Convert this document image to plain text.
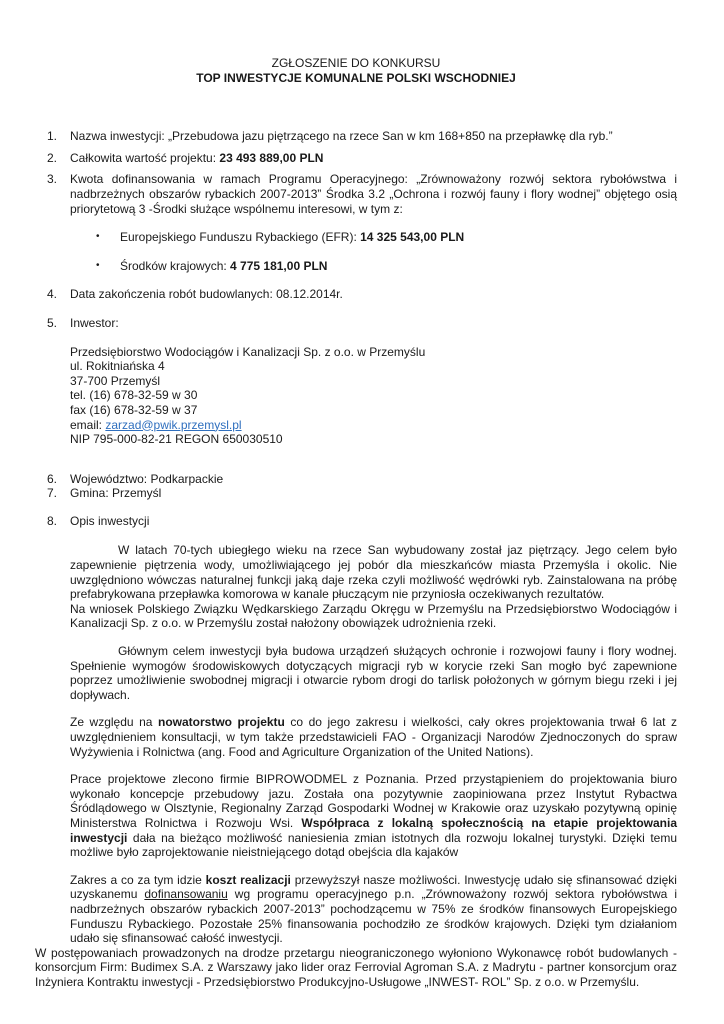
ZGŁOSZENIE DO KONKURSU
TOP INWESTYCJE KOMUNALNE POLSKI WSCHODNIEJ
1.	Nazwa inwestycji: „Przebudowa jazu piętrzącego na rzece San w km 168+850 na przepławkę dla ryb.”
2.	Całkowita wartość projektu: 23 493 889,00 PLN
3.	Kwota dofinansowania w ramach Programu Operacyjnego: „Zrównoważony rozwój sektora rybołówstwa i nadbrzeżnych obszarów rybackich 2007-2013” Środka 3.2 „Ochrona i rozwój fauny i flory wodnej” objętego osią priorytetową 3 -Środki służące wspólnemu interesowi, w tym z:
•	Europejskiego Funduszu Rybackiego (EFR): 14 325 543,00 PLN
•	Środków krajowych: 4 775 181,00 PLN
4.	Data zakończenia robót budowlanych: 08.12.2014r.
5.	Inwestor:
Przedsiębiorstwo Wodociągów i Kanalizacji Sp. z o.o. w Przemyślu
ul. Rokitniańska 4
37-700 Przemyśl
tel. (16) 678-32-59 w 30
fax (16) 678-32-59 w 37
email: zarzad@pwik.przemysl.pl
NIP 795-000-82-21 REGON 650030510
6.	Województwo: Podkarpackie
7.	Gmina: Przemyśl
8.	Opis inwestycji

W latach 70-tych ubiegłego wieku na rzece San wybudowany został jaz piętrzący. Jego celem było zapewnienie piętrzenia wody, umożliwiającego jej pobór dla mieszkańców miasta Przemyśla i okolic. Nie uwzględniono wówczas naturalnej funkcji jaką daje rzeka czyli możliwość wędrówki ryb. Zainstalowana na próbę prefabrykowana przepławka komorowa w kanale płuczącym nie przyniosła oczekiwanych rezultatów.

Na wniosek Polskiego Związku Wędkarskiego Zarządu Okręgu w Przemyślu na Przedsiębiorstwo Wodociągów i Kanalizacji Sp. z o.o. w Przemyślu został nałożony obowiązek udrożnienia rzeki.

Głównym celem inwestycji była budowa urządzeń służących ochronie i rozwojowi fauny i flory wodnej. Spełnienie wymogów środowiskowych dotyczących migracji ryb w korycie rzeki San mogło być zapewnione poprzez umożliwienie swobodnej migracji i otwarcie rybom drogi do tarlisk położonych w górnym biegu rzeki i jej dopływach.

Ze względu na nowatorstwo projektu co do jego zakresu i wielkości, cały okres projektowania trwał 6 lat z uwzględnieniem konsultacji, w tym także przedstawicieli FAO - Organizacji Narodów Zjednoczonych do spraw Wyżywienia i Rolnictwa (ang. Food and Agriculture Organization of the United Nations).

Prace projektowe zlecono firmie BIPROWODMEL z Poznania. Przed przystąpieniem do projektowania biuro wykonało koncepcje przebudowy jazu. Została ona pozytywnie zaopiniowana przez Instytut Rybactwa Śródlądowego w Olsztynie, Regionalny Zarząd Gospodarki Wodnej w Krakowie oraz uzyskało pozytywną opinię Ministerstwa Rolnictwa i Rozwoju Wsi. Współpraca z lokalną społecznością na etapie projektowania inwestycji dała na bieżąco możliwość naniesienia zmian istotnych dla rozwoju lokalnej turystyki. Dzięki temu możliwe było zaprojektowanie nieistniejącego dotąd obejścia dla kajaków

Zakres a co za tym idzie koszt realizacji przewyższył nasze możliwości. Inwestycję udało się sfinansować dzięki uzyskanemu dofinansowaniu wg programu operacyjnego p.n. „Zrównoważony rozwój sektora rybołówstwa i nadbrzeżnych obszarów rybackich 2007-2013” pochodzącemu w 75% ze środków finansowych Europejskiego Funduszu Rybackiego. Pozostałe 25% finansowania pochodziło ze środków krajowych. Dzięki tym działaniom udało się sfinansować całość inwestycji.

W postępowaniach prowadzonych na drodze przetargu nieograniczonego wyłoniono Wykonawcę robót budowlanych - konsorcjum Firm: Budimex S.A. z Warszawy jako lider oraz Ferrovial Agroman S.A. z Madrytu - partner konsorcjum oraz Inżyniera Kontraktu inwestycji - Przedsiębiorstwo Produkcyjno-Usługowe „INWEST- ROL” Sp. z o.o. w Przemyślu.
